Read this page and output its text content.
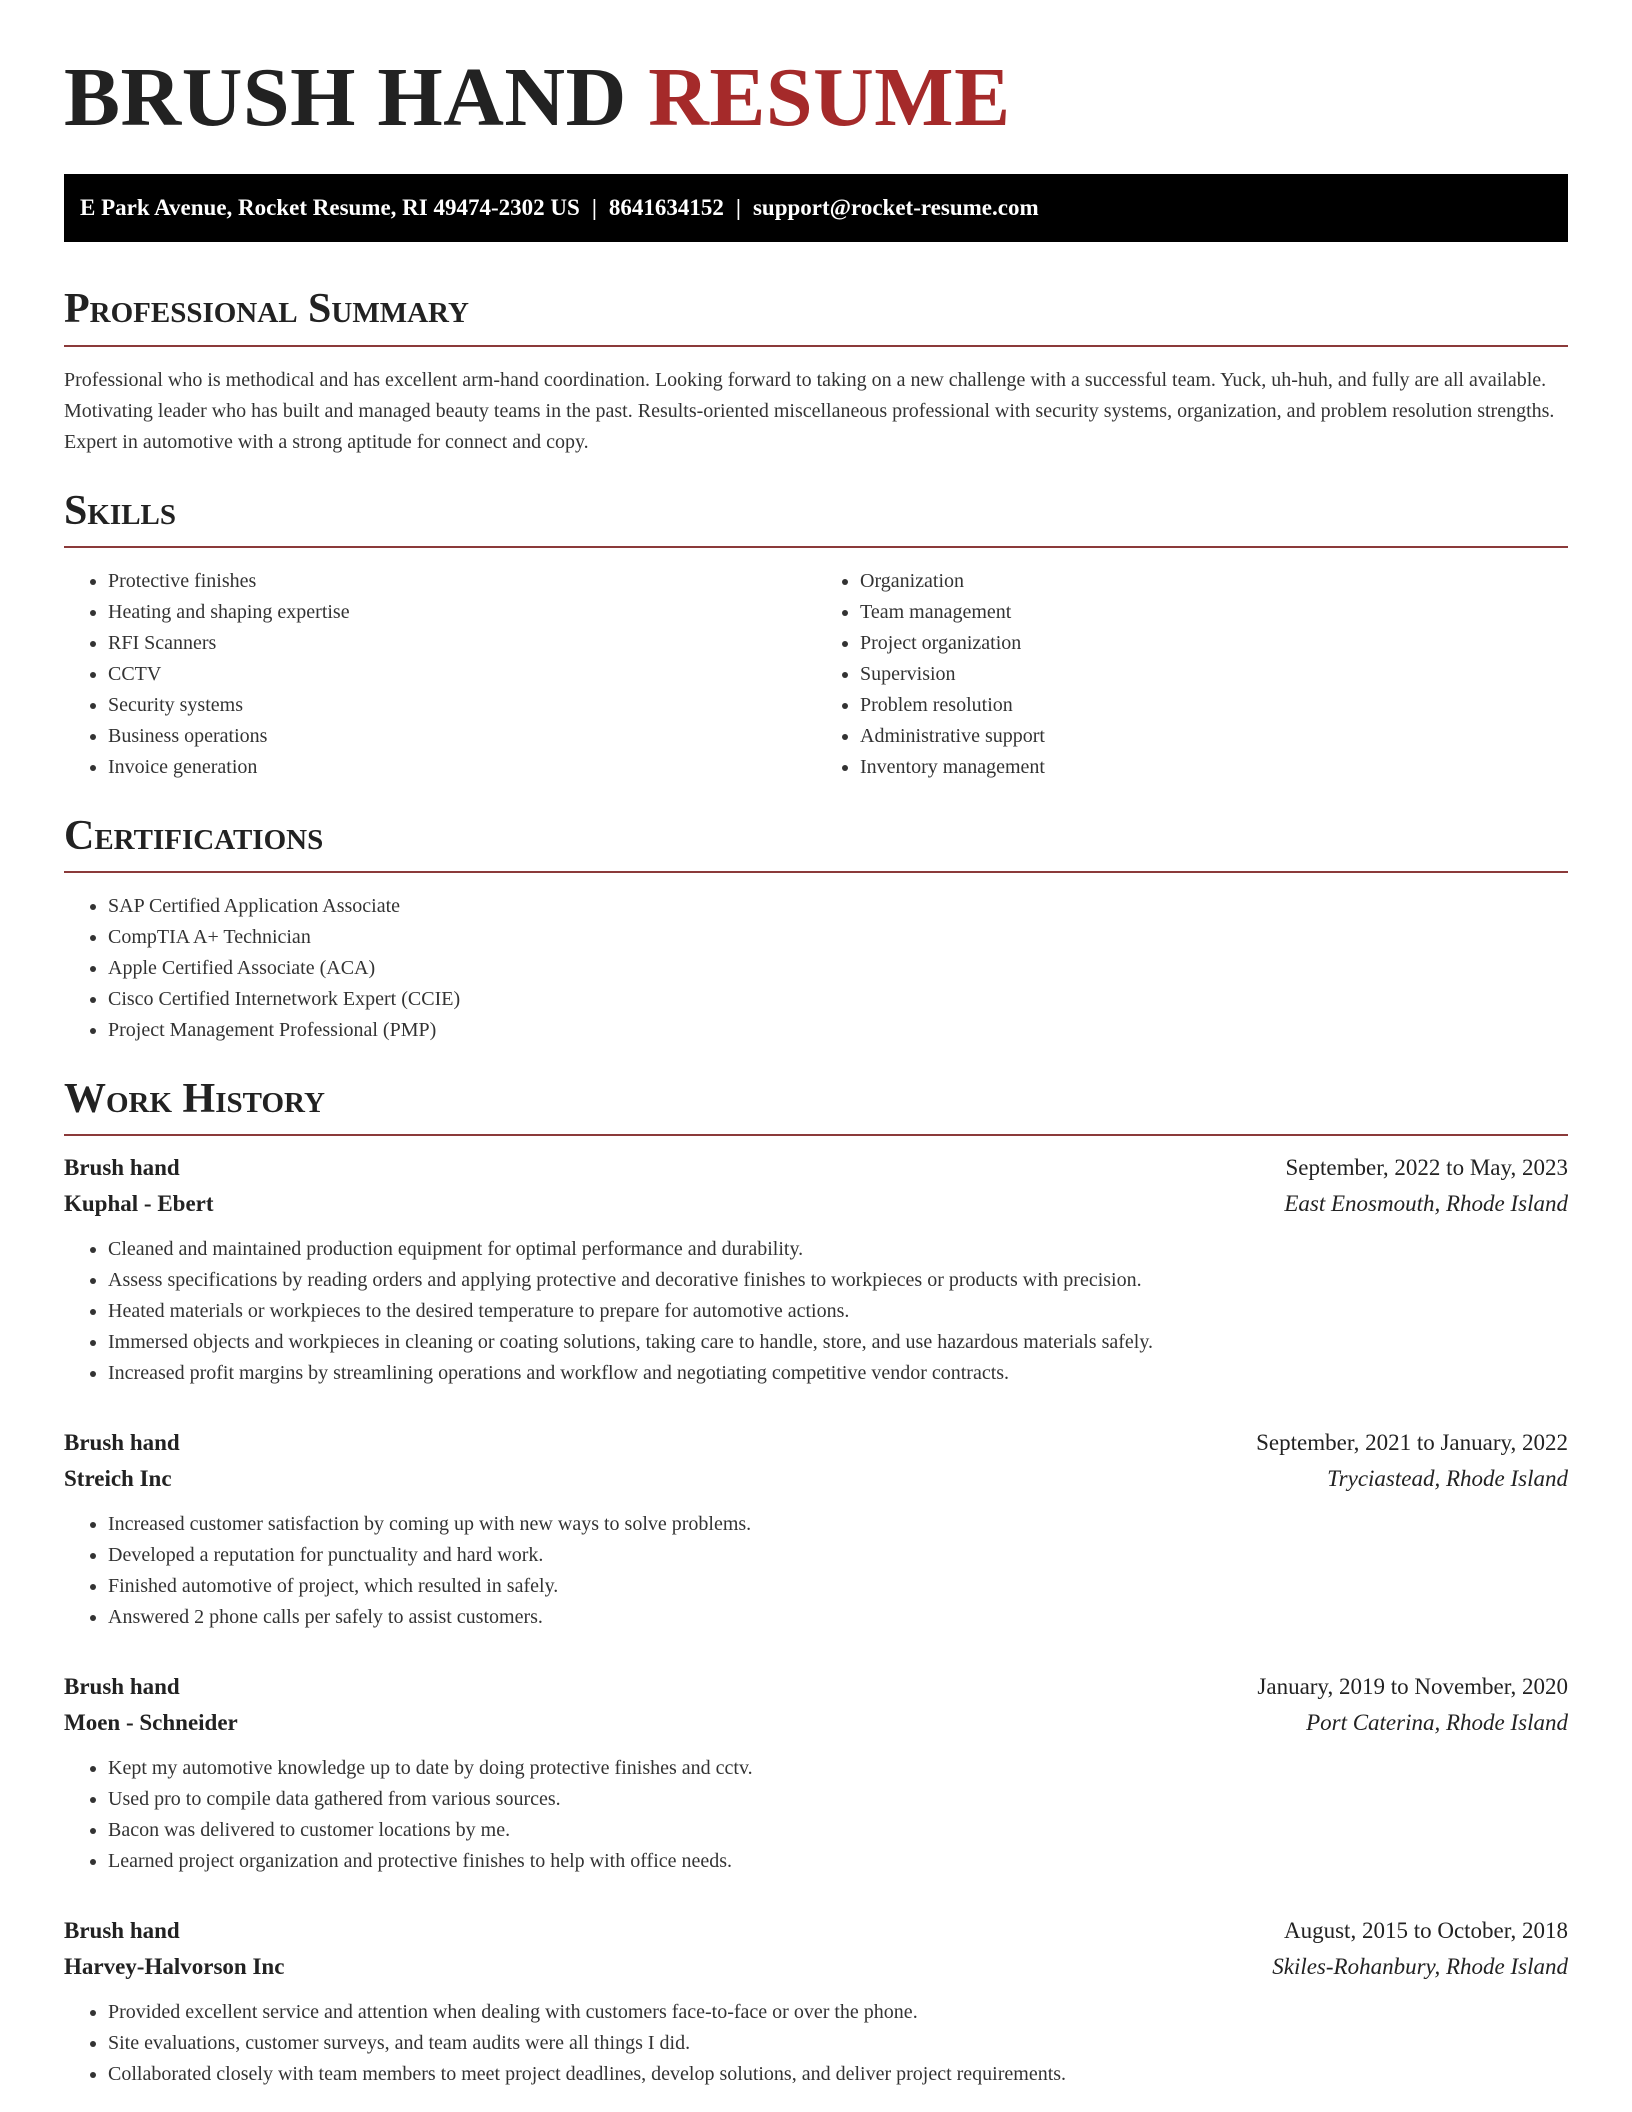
BRUSH HAND RESUME
E Park Avenue, Rocket Resume, RI 49474-2302 US | 8641634152 | support@rocket-resume.com
Professional Summary

Professional who is methodical and has excellent arm-hand coordination. Looking forward to taking on a new challenge with a successful team. Yuck, uh-huh, and fully are all available. Motivating leader who has built and managed beauty teams in the past. Results-oriented miscellaneous professional with security systems, organization, and problem resolution strengths. Expert in automotive with a strong aptitude for connect and copy.

Skills
• Protective finishes
• Heating and shaping expertise
• RFI Scanners
• CCTV
• Security systems
• Business operations
• Invoice generation
• Organization
• Team management
• Project organization
• Supervision
• Problem resolution
• Administrative support
• Inventory management
Certifications
• SAP Certified Application Associate
• CompTIA A+ Technician
• Apple Certified Associate (ACA)
• Cisco Certified Internetwork Expert (CCIE)
• Project Management Professional (PMP)
Work History
Brush hand	September, 2022 to May, 2023
Kuphal - Ebert	East Enosmouth, Rhode Island
• Cleaned and maintained production equipment for optimal performance and durability.
• Assess specifications by reading orders and applying protective and decorative finishes to workpieces or products with precision.
• Heated materials or workpieces to the desired temperature to prepare for automotive actions.
• Immersed objects and workpieces in cleaning or coating solutions, taking care to handle, store, and use hazardous materials safely.
• Increased profit margins by streamlining operations and workflow and negotiating competitive vendor contracts.
Brush hand	September, 2021 to January, 2022
Streich Inc	Tryciastead, Rhode Island
• Increased customer satisfaction by coming up with new ways to solve problems.
• Developed a reputation for punctuality and hard work.
• Finished automotive of project, which resulted in safely.
• Answered 2 phone calls per safely to assist customers.
Brush hand	January, 2019 to November, 2020
Moen - Schneider	Port Caterina, Rhode Island
• Kept my automotive knowledge up to date by doing protective finishes and cctv.
• Used pro to compile data gathered from various sources.
• Bacon was delivered to customer locations by me.
• Learned project organization and protective finishes to help with office needs.
Brush hand	August, 2015 to October, 2018
Harvey-Halvorson Inc	Skiles-Rohanbury, Rhode Island
• Provided excellent service and attention when dealing with customers face-to-face or over the phone.
• Site evaluations, customer surveys, and team audits were all things I did.
• Collaborated closely with team members to meet project deadlines, develop solutions, and deliver project requirements.
